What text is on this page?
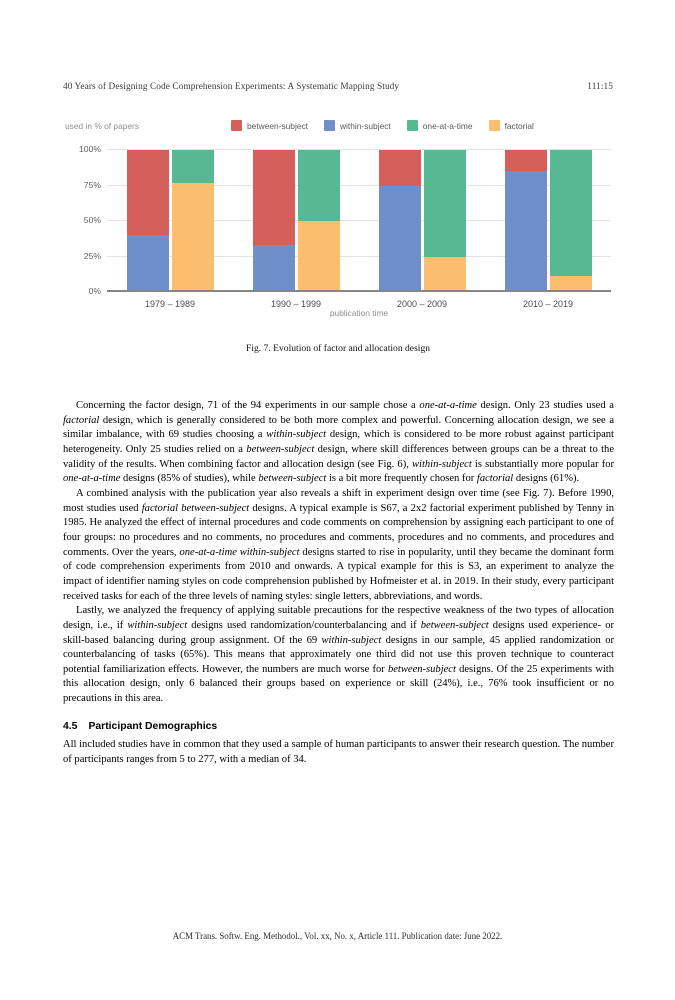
40 Years of Designing Code Comprehension Experiments: A Systematic Mapping Study	111:15
used in % of papers	between-subject	within-subject	one-at-a-time	factorial
0%
25%
50%
75%
100%
1979 – 1989	1990 – 1999	2000 – 2009	2010 – 2019
publication time
Fig. 7. Evolution of factor and allocation design

Concerning the factor design, 71 of the 94 experiments in our sample chose a one-at-a-time design. Only 23 studies used a factorial design, which is generally considered to be both more complex and powerful. Concerning allocation design, we see a similar imbalance, with 69 studies choosing a within-subject design, which is considered to be more robust against participant heterogeneity. Only 25 studies relied on a between-subject design, where skill differences between groups can be a threat to the validity of the results. When combining factor and allocation design (see Fig. 6), within-subject is substantially more popular for one-at-a-time designs (85% of studies), while between-subject is a bit more frequently chosen for factorial designs (61%).

A combined analysis with the publication year also reveals a shift in experiment design over time (see Fig. 7). Before 1990, most studies used factorial between-subject designs. A typical example is S67, a 2x2 factorial experiment published by Tenny in 1985. He analyzed the effect of internal procedures and code comments on comprehension by assigning each participant to one of four groups: no procedures and no comments, no procedures and comments, procedures and no comments, and procedures and comments. Over the years, one-at-a-time within-subject designs started to rise in popularity, until they became the dominant form of code comprehension experiments from 2010 and onwards. A typical example for this is S3, an experiment to analyze the impact of identifier naming styles on code comprehension published by Hofmeister et al. in 2019. In their study, every participant received tasks for each of the three levels of naming styles: single letters, abbreviations, and words.

Lastly, we analyzed the frequency of applying suitable precautions for the respective weakness of the two types of allocation design, i.e., if within-subject designs used randomization/counterbalancing and if between-subject designs used experience- or skill-based balancing during group assignment. Of the 69 within-subject designs in our sample, 45 applied randomization or counterbalancing of tasks (65%). This means that approximately one third did not use this proven technique to counteract potential familiarization effects. However, the numbers are much worse for between-subject designs. Of the 25 experiments with this allocation design, only 6 balanced their groups based on experience or skill (24%), i.e., 76% took insufficient or no precautions in this area.

4.5 Participant Demographics

All included studies have in common that they used a sample of human participants to answer their research question. The number of participants ranges from 5 to 277, with a median of 34.

ACM Trans. Softw. Eng. Methodol., Vol. xx, No. x, Article 111. Publication date: June 2022.
